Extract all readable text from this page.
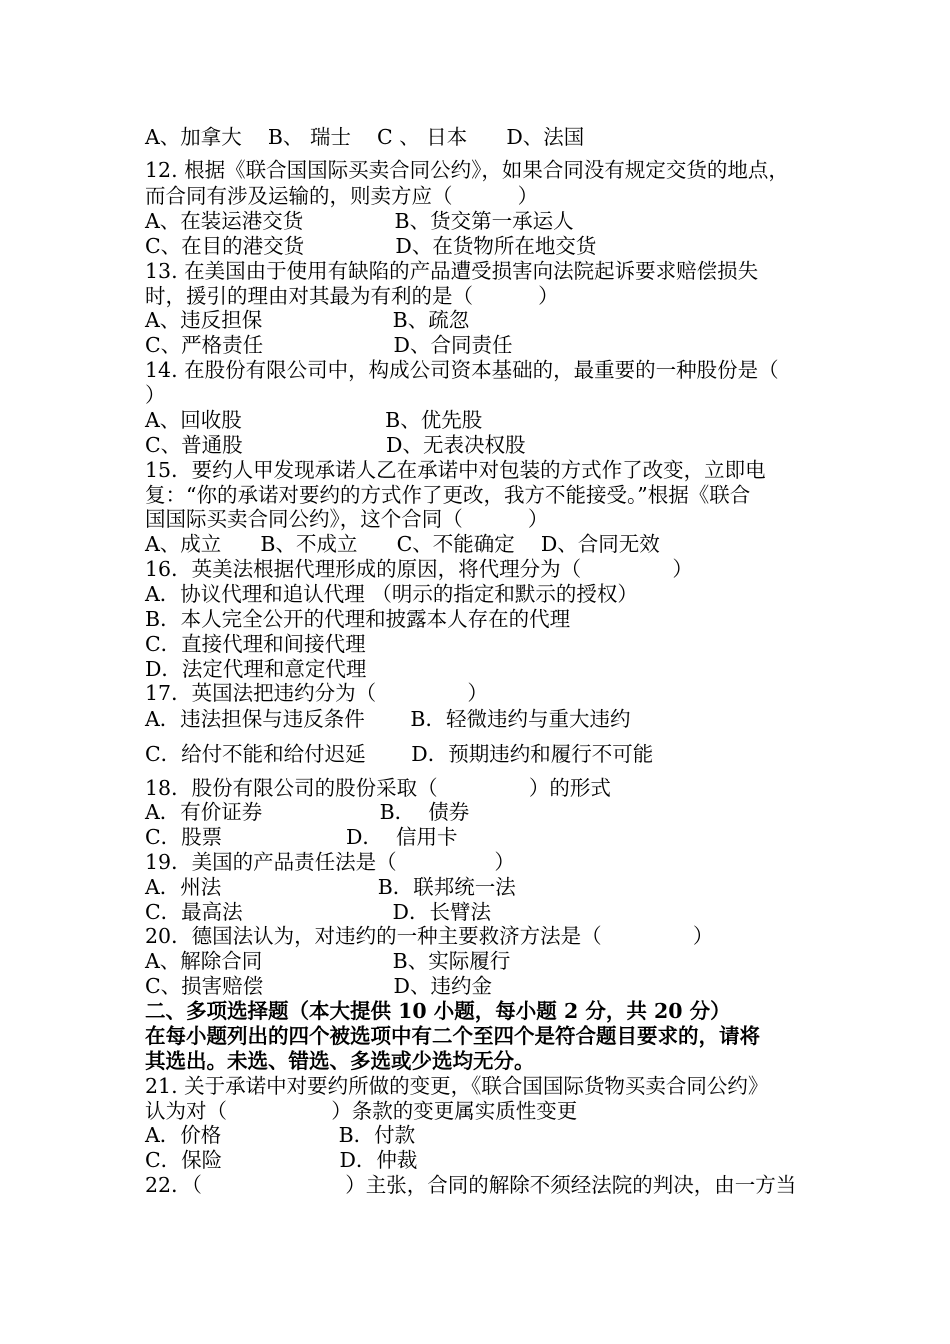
A、加拿大    B、 瑞士    C 、 日本      D、法国
12. 根据《联合国国际买卖合同公约》，如果合同没有规定交货的地点，
而合同有涉及运输的，则卖方应（          ）
A、在装运港交货              B、货交第一承运人
C、在目的港交货              D、在货物所在地交货
13. 在美国由于使用有缺陷的产品遭受损害向法院起诉要求赔偿损失
时，援引的理由对其最为有利的是（          ）
A、违反担保                    B、疏忽
C、严格责任                    D、合同责任
14. 在股份有限公司中，构成公司资本基础的，最重要的一种股份是（
）
A、回收股                      B、优先股
C、普通股                      D、无表决权股
15．要约人甲发现承诺人乙在承诺中对包装的方式作了改变，立即电
复：“你的承诺对要约的方式作了更改，我方不能接受。”根据《联合
国国际买卖合同公约》，这个合同（          ）
A、成立      B、不成立      C、不能确定    D、合同无效
16．英美法根据代理形成的原因，将代理分为（              ）
A．协议代理和追认代理 （明示的指定和默示的授权）
B．本人完全公开的代理和披露本人存在的代理
C．直接代理和间接代理
D．法定代理和意定代理
17．英国法把违约分为（              ）
A．违法担保与违反条件       B．轻微违约与重大违约
C．给付不能和给付迟延       D．预期违约和履行不可能
18．股份有限公司的股份采取（              ）的形式
A．有价证券                  B．  债券
C．股票                   D．  信用卡
19．美国的产品责任法是（               ）
A．州法                        B．联邦统一法
C．最高法                       D．长臂法
20．德国法认为，对违约的一种主要救济方法是（              ）
A、解除合同                    B、实际履行
C、损害赔偿                    D、违约金
二、多项选择题（本大提供 10 小题，每小题 2 分，共 20 分）
在每小题列出的四个被选项中有二个至四个是符合题目要求的，请将
其选出。未选、错选、多选或少选均无分。
21. 关于承诺中对要约所做的变更，《联合国国际货物买卖合同公约》
认为对（                ）条款的变更属实质性变更
A．价格                  B．付款
C．保险                  D．仲裁
22．（                      ）主张，合同的解除不须经法院的判决，由一方当
